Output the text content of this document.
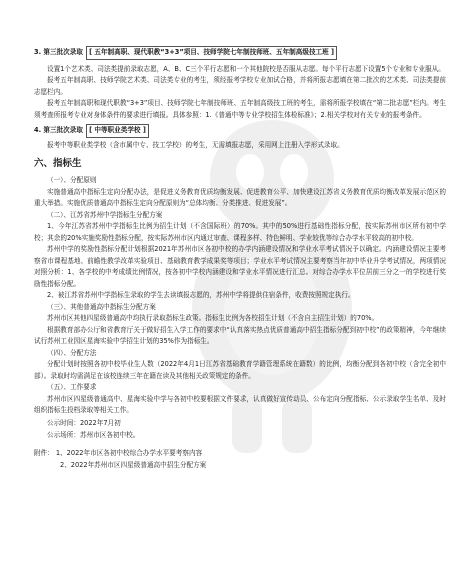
3. 第三批次录取 [ 五年制高职、现代职教“3+3”项目、技师学院七年制技师班、五年制高级技工班 ]

设置1个艺术类、司法类提前录取志愿，A、B、C三个平行志愿和一个其他院校是否服从志愿。每个平行志愿下设置5个专业和专业服从。

报考五年制高职、技师学院艺术类、司法类专业的考生，须经报考学校专业加试合格，并将所报志愿填在第二批次的艺术类、司法类提前志愿栏内。

报考五年制高职和现代职教“3+3”项目、技师学院七年制技师班、五年制高级技工班的考生，需将所报学校填在“第二批志愿”栏内。考生须考查所报考专业对身体条件的要求进行填报。具体参照：1.《普通中等专业学校招生体检标准》；2.相关学校对有关专业的报考条件。

4. 第三批次录取 [ 中等职业类学校 ]

报考中等职业类学校（含市属中专、技工学校）的考生，无需填报志愿，采用网上注册入学形式录取。

六、指标生

（一）、分配原则

实施普通高中指标生定向分配办法，是促进义务教育优质均衡发展、促进教育公平、加快建设江苏省义务教育优质均衡改革发展示范区的重大举措。实施优质普通高中指标生定向分配原则为“总体均衡、分类推进、促进发展”。

（二）、江苏省苏州中学指标生分配方案

1、今年江苏省苏州中学指标生比例为招生计划（不含国际班）的70%。其中的50%进行基础性指标分配，按实际苏州市区所有初中学校；其余的20%实施奖励性指标分配，按实际苏州市区内通过审查、课程多样、特色鲜明、学业较优等综合办学水平较高的初中校。

苏州中学的奖励性指标分配计划根据2021年苏州市区各初中校的办学内涵建设情况和学业水平考试情况予以确定。内涵建设情况主要考察省市课程基地、前瞻性教学改革实验项目、基础教育教学成果奖等项目；学业水平考试情况主要考察当年初中毕业升学考试情况，两项情况对照分析：1、各学校的中考成绩比例情况，按各初中学校内涵建设和学业水平情况进行汇总。对综合办学水平位居前三分之一的学校进行奖励性指标分配。

2、被江苏省苏州中学指标生录取的学生去读填报志愿的，苏州中学将提供住宿条件，收费按照规定执行。

（三）、其他普通高中指标生分配方案

苏州市区其他四星级普通高中均执行录取指标生政策。指标生比例为各校招生计划（不含自主招生计划）的70%。

根据教育部办公厅和省教育厅关于做好招生入学工作的要求中“认真落实热点优质普通高中招生指标分配到初中校”的政策精神，今年继续试行苏州工业园区星海实验中学招生计划的35%作为指标生。

（四）、分配方法

分配计划时按照各初中校毕业生人数（2022年4月1日江苏省基础教育学籍管理系统在籍数）的比例，均衡分配到各初中校（含完全初中部）。录取时均需满足在该校连续三年在籍在读及其他相关政策规定的条件。

（五）、工作要求

苏州市区四星级普通高中、星海实验中学与各初中校要根据文件要求，认真做好宣传动员、公布定向分配指标、公示录取学生名单、及时组织指标生投档录取等相关工作。

公示时间：2022年7月初

公示场所：苏州市区各初中校。

附件： 1、2022年市区各初中校综合办学水平要考察内容

2、2022年苏州市区四星级普通高中招生分配方案
